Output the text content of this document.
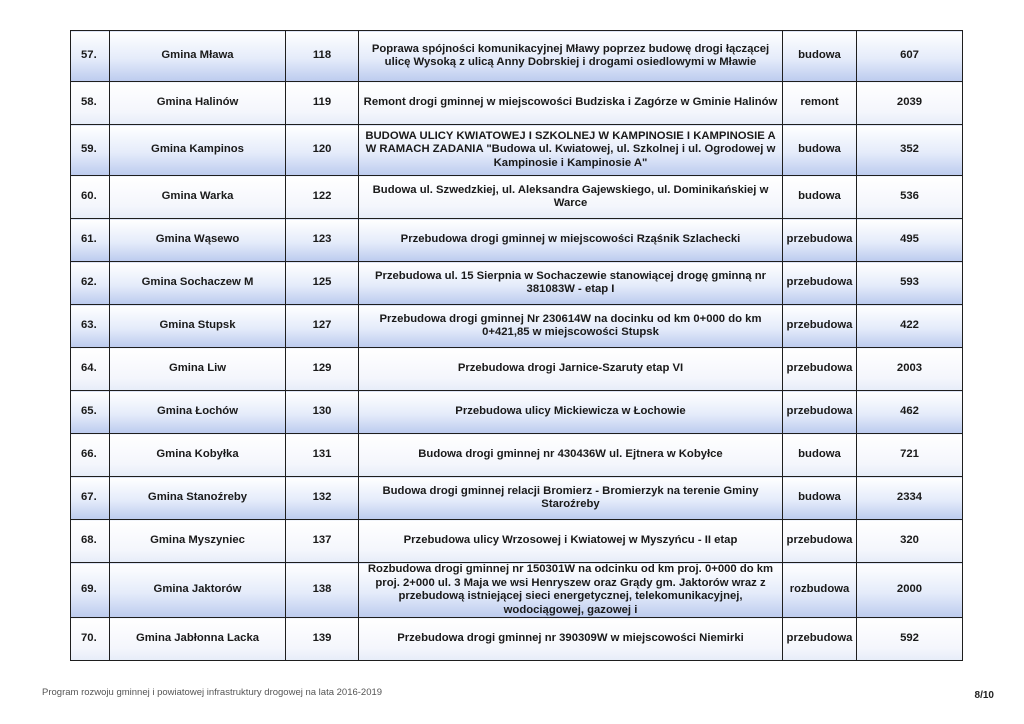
57.	Gmina Mława	118	Poprawa spójności komunikacyjnej Mławy poprzez budowę drogi łączącej ulicę Wysoką z ulicą Anny Dobrskiej i drogami osiedlowymi w Mławie	budowa	607
58.	Gmina Halinów	119	Remont drogi gminnej w miejscowości Budziska i Zagórze w Gminie Halinów	remont	2039
59.	Gmina Kampinos	120	BUDOWA ULICY KWIATOWEJ I SZKOLNEJ W KAMPINOSIE I KAMPINOSIE A W RAMACH ZADANIA "Budowa ul. Kwiatowej, ul. Szkolnej i ul. Ogrodowej w Kampinosie i Kampinosie A"	budowa	352
60.	Gmina Warka	122	Budowa ul. Szwedzkiej, ul. Aleksandra Gajewskiego, ul. Dominikańskiej w Warce	budowa	536
61.	Gmina Wąsewo	123	Przebudowa drogi gminnej w miejscowości Rząśnik Szlachecki	przebudowa	495
62.	Gmina Sochaczew M	125	Przebudowa ul. 15 Sierpnia w Sochaczewie stanowiącej drogę gminną nr 381083W - etap I	przebudowa	593
63.	Gmina Stupsk	127	Przebudowa drogi gminnej Nr 230614W na docinku od km 0+000 do km 0+421,85 w miejscowości Stupsk	przebudowa	422
64.	Gmina Liw	129	Przebudowa drogi Jarnice-Szaruty etap VI	przebudowa	2003
65.	Gmina Łochów	130	Przebudowa ulicy Mickiewicza w Łochowie	przebudowa	462
66.	Gmina Kobyłka	131	Budowa drogi gminnej nr 430436W ul. Ejtnera w Kobyłce	budowa	721
67.	Gmina Stanoźreby	132	Budowa drogi gminnej relacji Bromierz - Bromierzyk na terenie Gminy Staroźreby	budowa	2334
68.	Gmina Myszyniec	137	Przebudowa ulicy Wrzosowej i Kwiatowej w Myszyńcu - II etap	przebudowa	320
69.	Gmina Jaktorów	138	Rozbudowa drogi gminnej nr 150301W na odcinku od km proj. 0+000 do km proj. 2+000 ul. 3 Maja we wsi Henryszew oraz Grądy gm. Jaktorów wraz z przebudową istniejącej sieci energetycznej, telekomunikacyjnej, wodociągowej, gazowej i	rozbudowa	2000
70.	Gmina Jabłonna Lacka	139	Przebudowa drogi gminnej nr 390309W w miejscowości Niemirki	przebudowa	592
Program rozwoju gminnej i powiatowej infrastruktury drogowej na lata 2016-2019	8/10
